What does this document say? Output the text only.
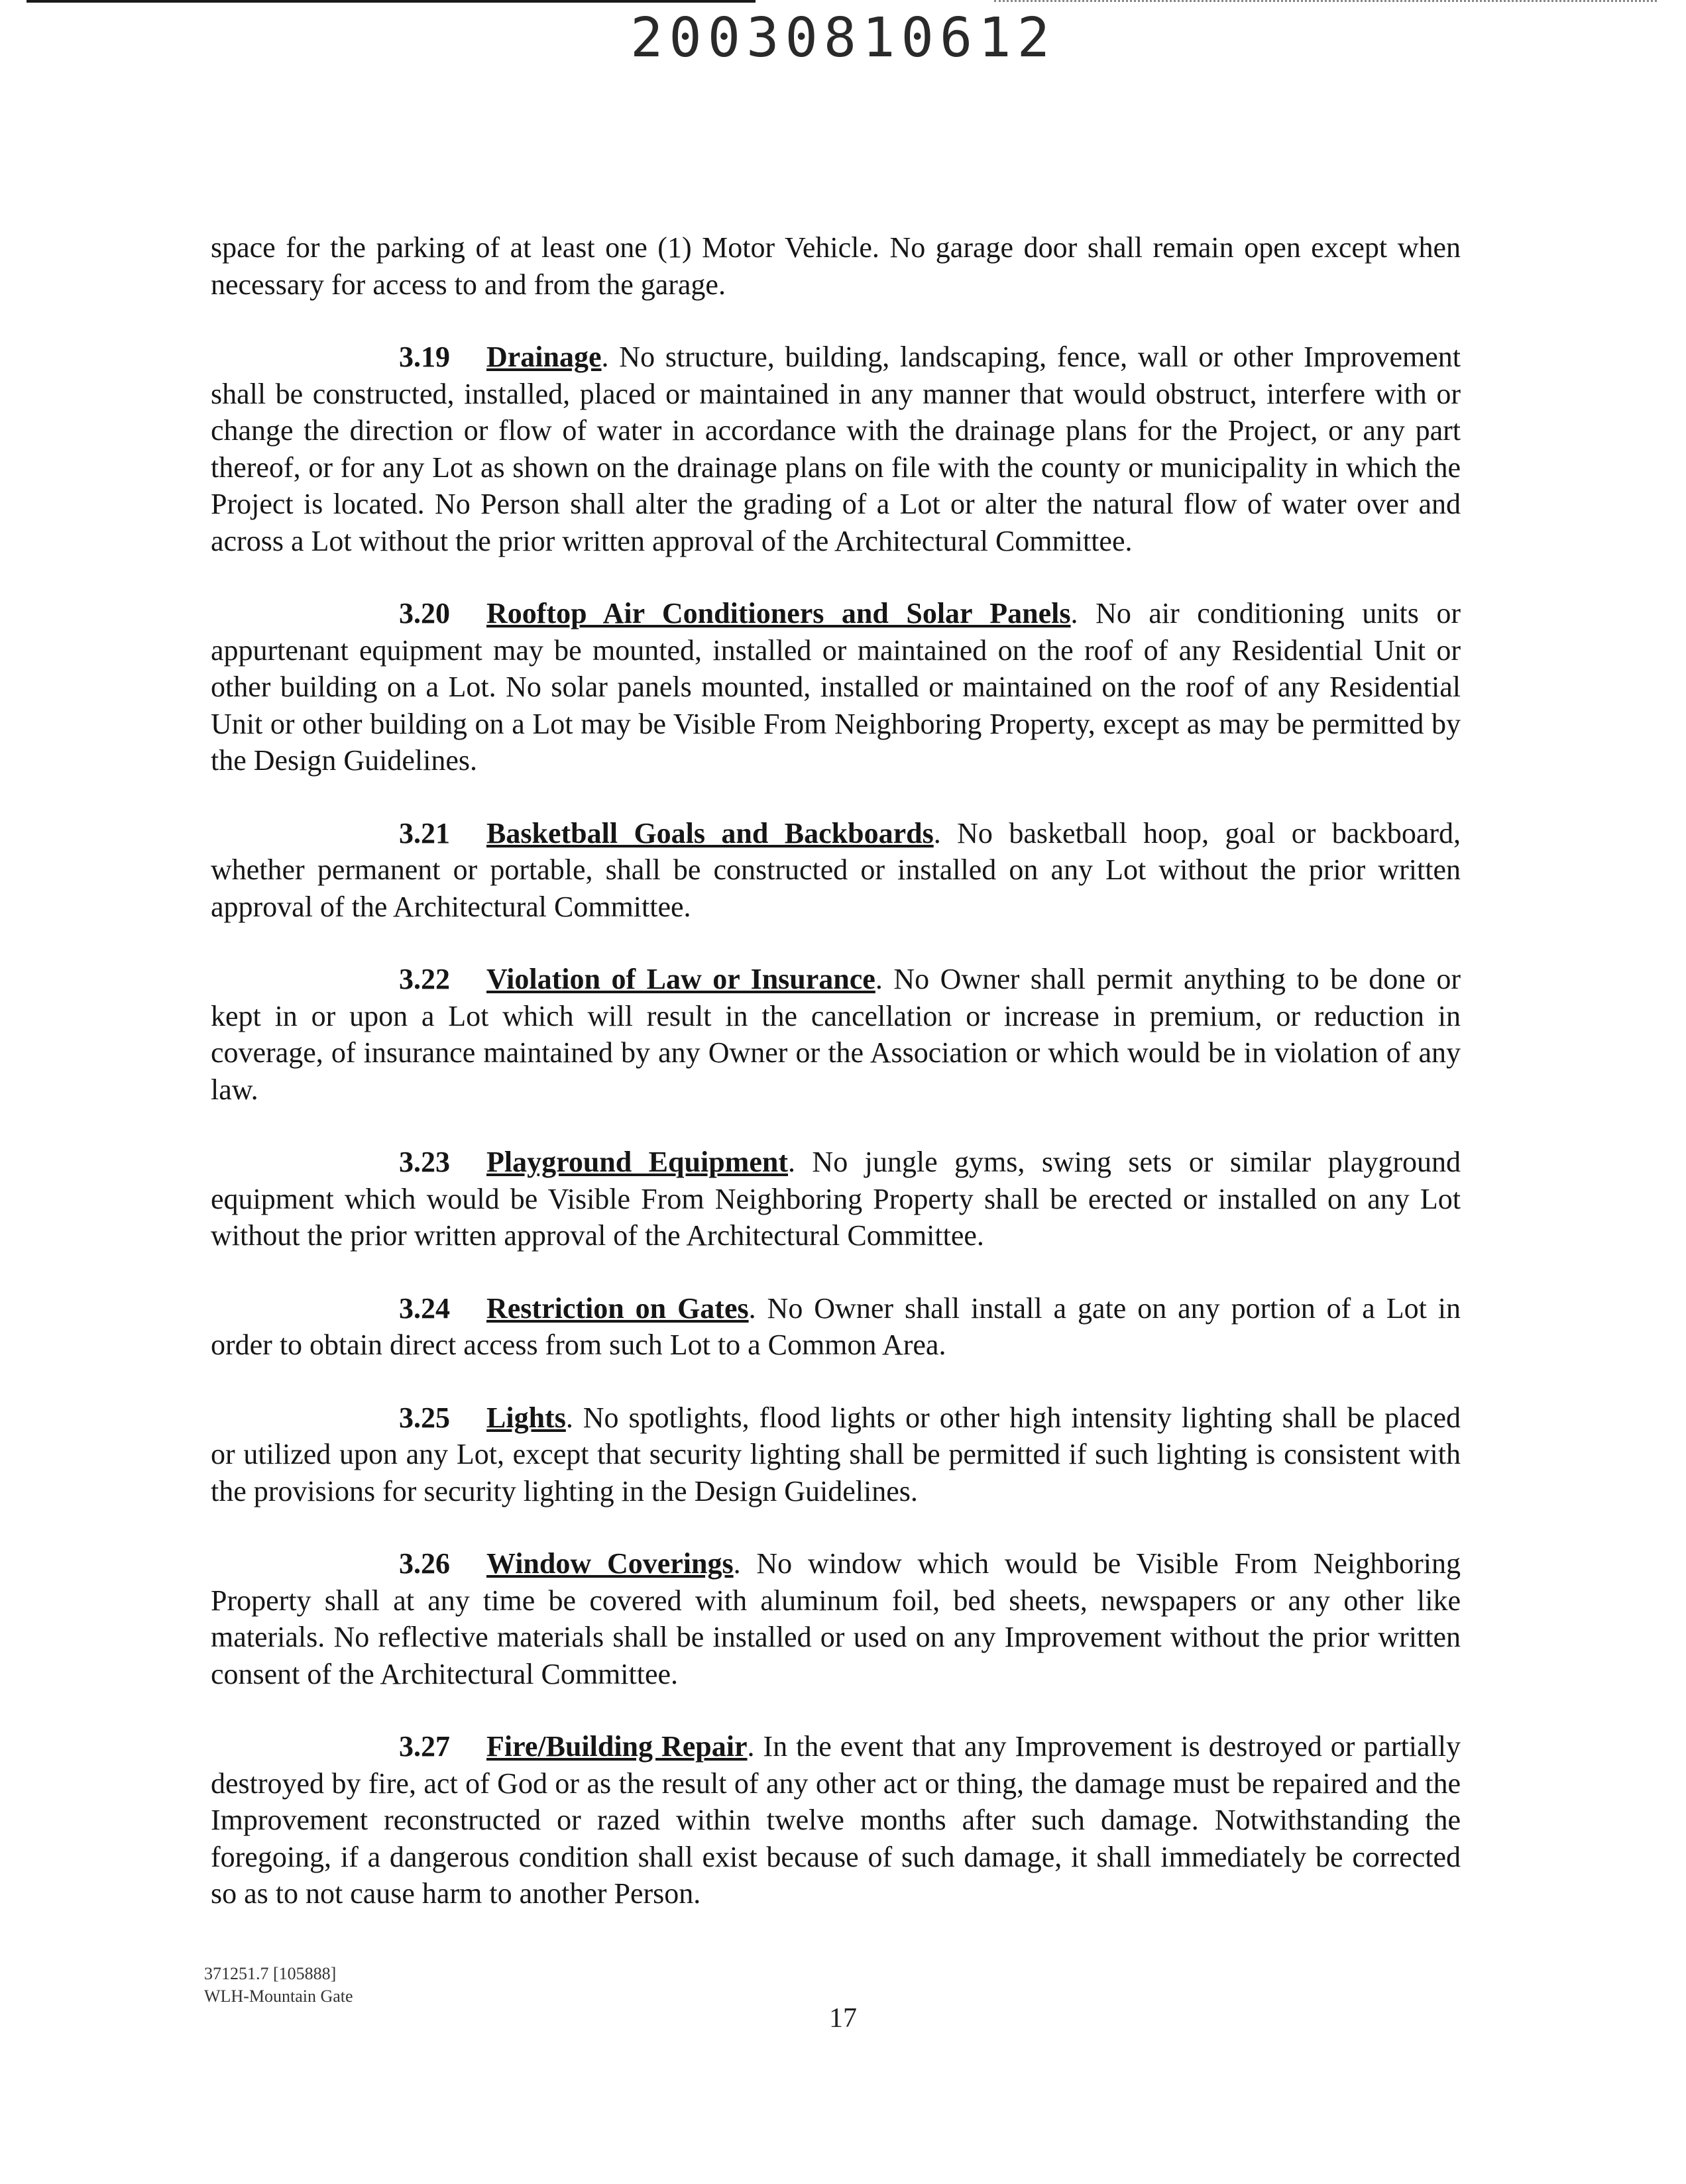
20030810612

space for the parking of at least one (1) Motor Vehicle. No garage door shall remain open except when necessary for access to and from the garage.

3.19 Drainage. No structure, building, landscaping, fence, wall or other Improvement shall be constructed, installed, placed or maintained in any manner that would obstruct, interfere with or change the direction or flow of water in accordance with the drainage plans for the Project, or any part thereof, or for any Lot as shown on the drainage plans on file with the county or municipality in which the Project is located. No Person shall alter the grading of a Lot or alter the natural flow of water over and across a Lot without the prior written approval of the Architectural Committee.

3.20 Rooftop Air Conditioners and Solar Panels. No air conditioning units or appurtenant equipment may be mounted, installed or maintained on the roof of any Residential Unit or other building on a Lot. No solar panels mounted, installed or maintained on the roof of any Residential Unit or other building on a Lot may be Visible From Neighboring Property, except as may be permitted by the Design Guidelines.

3.21 Basketball Goals and Backboards. No basketball hoop, goal or backboard, whether permanent or portable, shall be constructed or installed on any Lot without the prior written approval of the Architectural Committee.

3.22 Violation of Law or Insurance. No Owner shall permit anything to be done or kept in or upon a Lot which will result in the cancellation or increase in premium, or reduction in coverage, of insurance maintained by any Owner or the Association or which would be in violation of any law.

3.23 Playground Equipment. No jungle gyms, swing sets or similar playground equipment which would be Visible From Neighboring Property shall be erected or installed on any Lot without the prior written approval of the Architectural Committee.

3.24 Restriction on Gates. No Owner shall install a gate on any portion of a Lot in order to obtain direct access from such Lot to a Common Area.

3.25 Lights. No spotlights, flood lights or other high intensity lighting shall be placed or utilized upon any Lot, except that security lighting shall be permitted if such lighting is consistent with the provisions for security lighting in the Design Guidelines.

3.26 Window Coverings. No window which would be Visible From Neighboring Property shall at any time be covered with aluminum foil, bed sheets, newspapers or any other like materials. No reflective materials shall be installed or used on any Improvement without the prior written consent of the Architectural Committee.

3.27 Fire/Building Repair. In the event that any Improvement is destroyed or partially destroyed by fire, act of God or as the result of any other act or thing, the damage must be repaired and the Improvement reconstructed or razed within twelve months after such damage. Notwithstanding the foregoing, if a dangerous condition shall exist because of such damage, it shall immediately be corrected so as to not cause harm to another Person.

371251.7 [105888]
WLH-Mountain Gate
17
